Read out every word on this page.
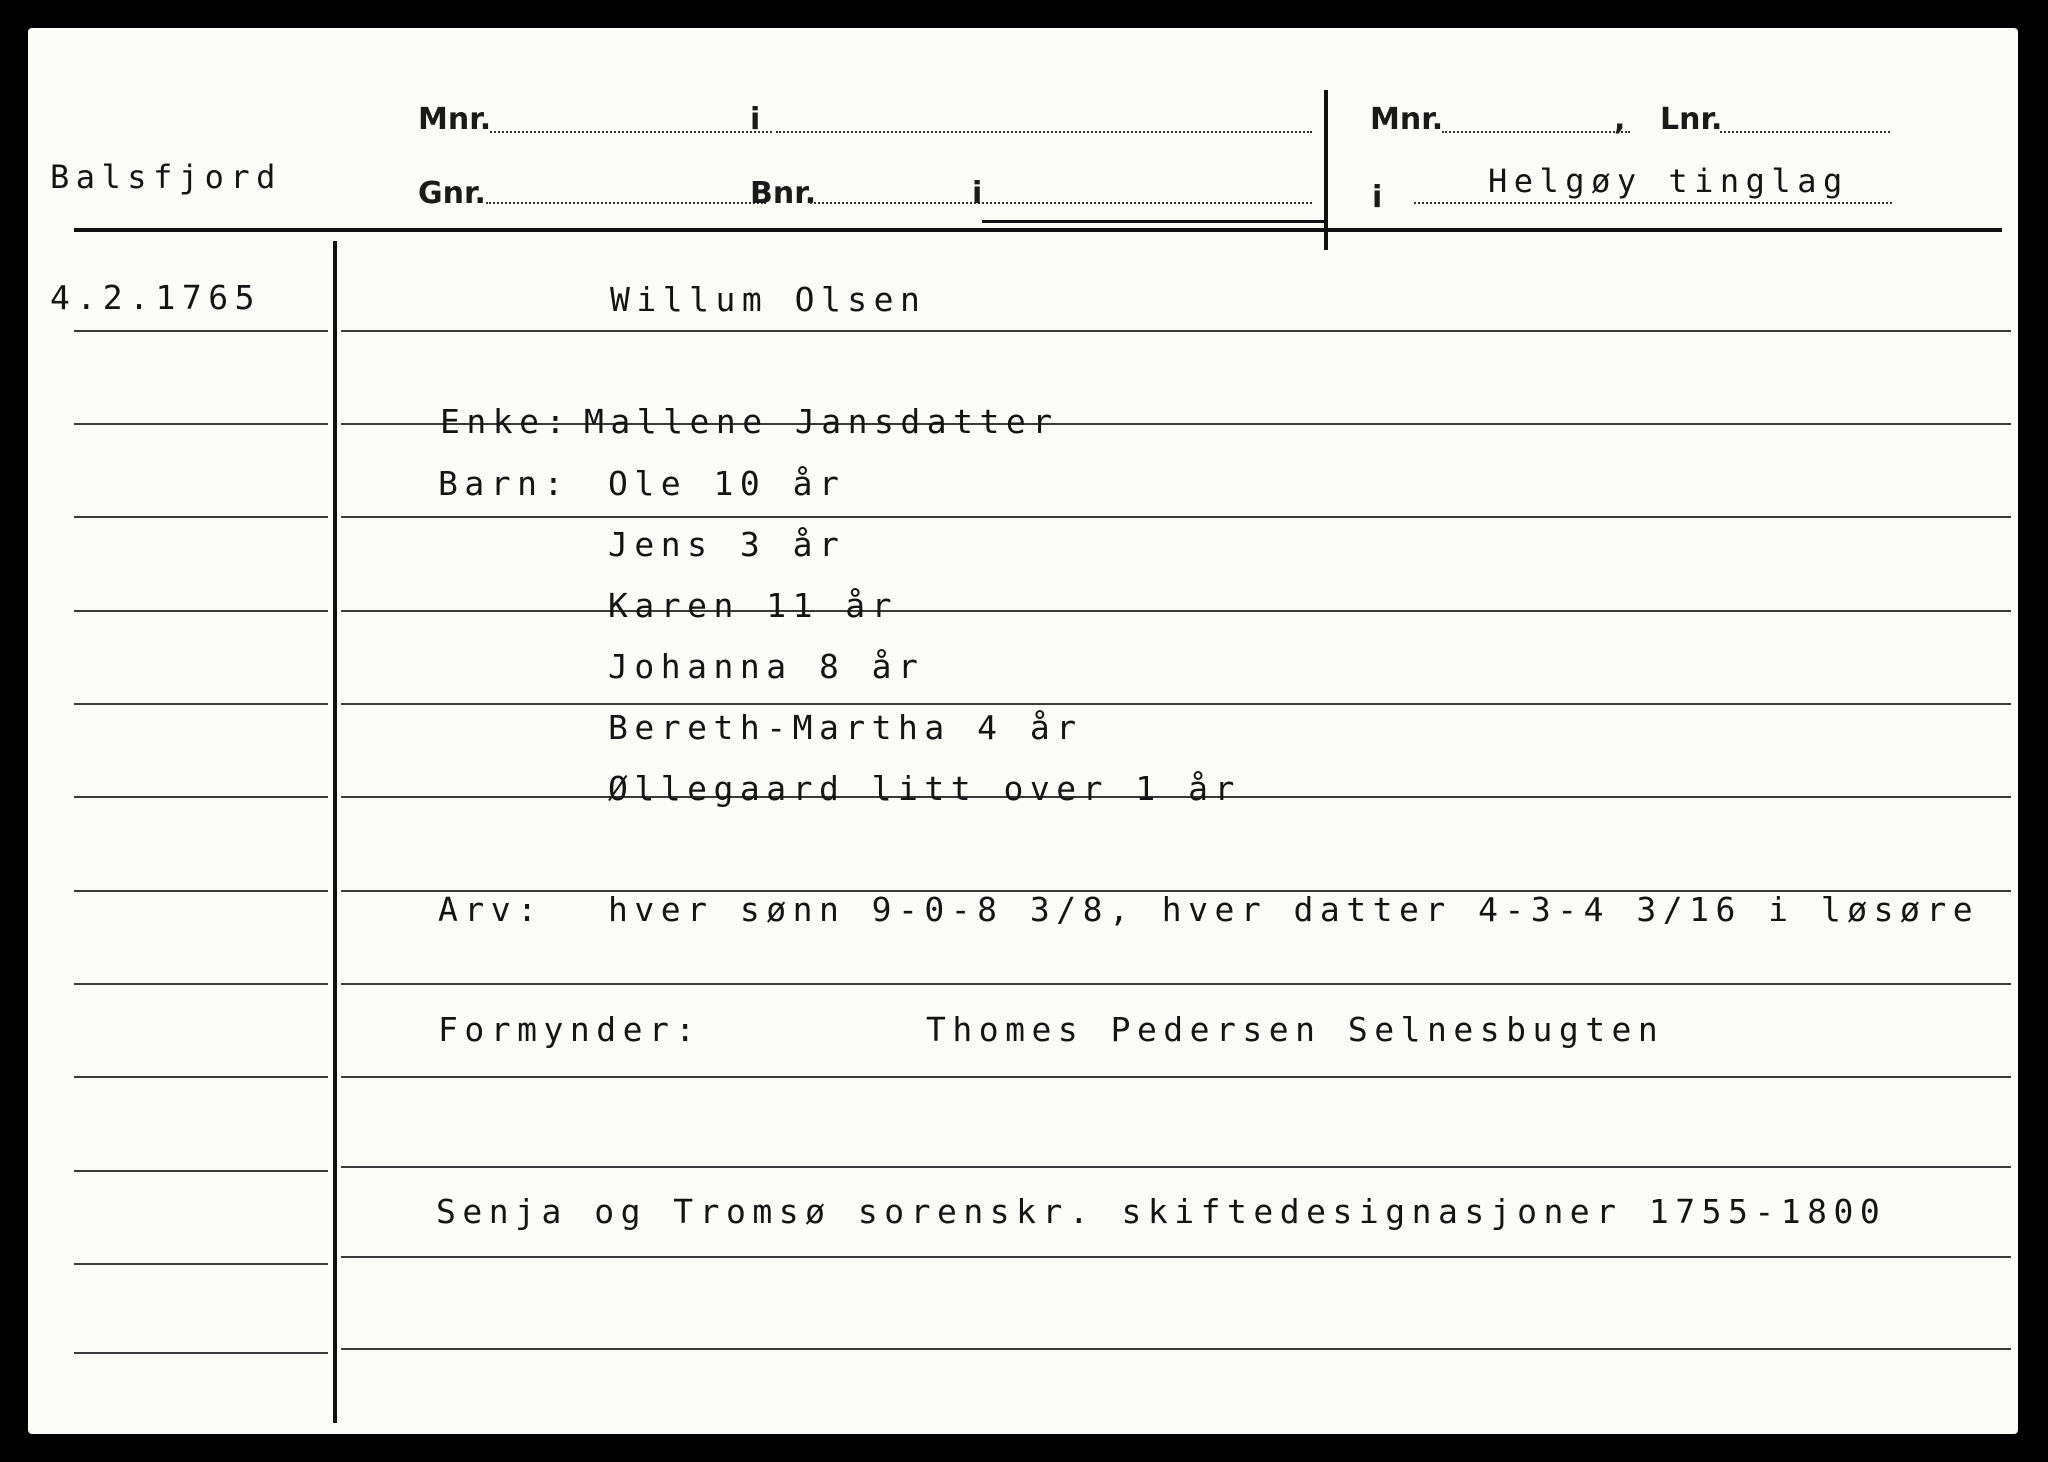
Balsfjord
Mnr.	i
Gnr.	Bnr.	i
Mnr.	, Lnr.
i	Helgøy tinglag
4.2.1765	Willum Olsen
Enke: Mallene Jansdatter
Barn: Ole 10 år
Jens 3 år
Karen 11 år
Johanna 8 år
Bereth-Martha 4 år
Øllegaard litt over 1 år
Arv: hver sønn 9-0-8 3/8, hver datter 4-3-4 3/16 i løsøre
Formynder:	Thomes Pedersen Selnesbugten
Senja og Tromsø sorenskr. skiftedesignasjoner 1755-1800
